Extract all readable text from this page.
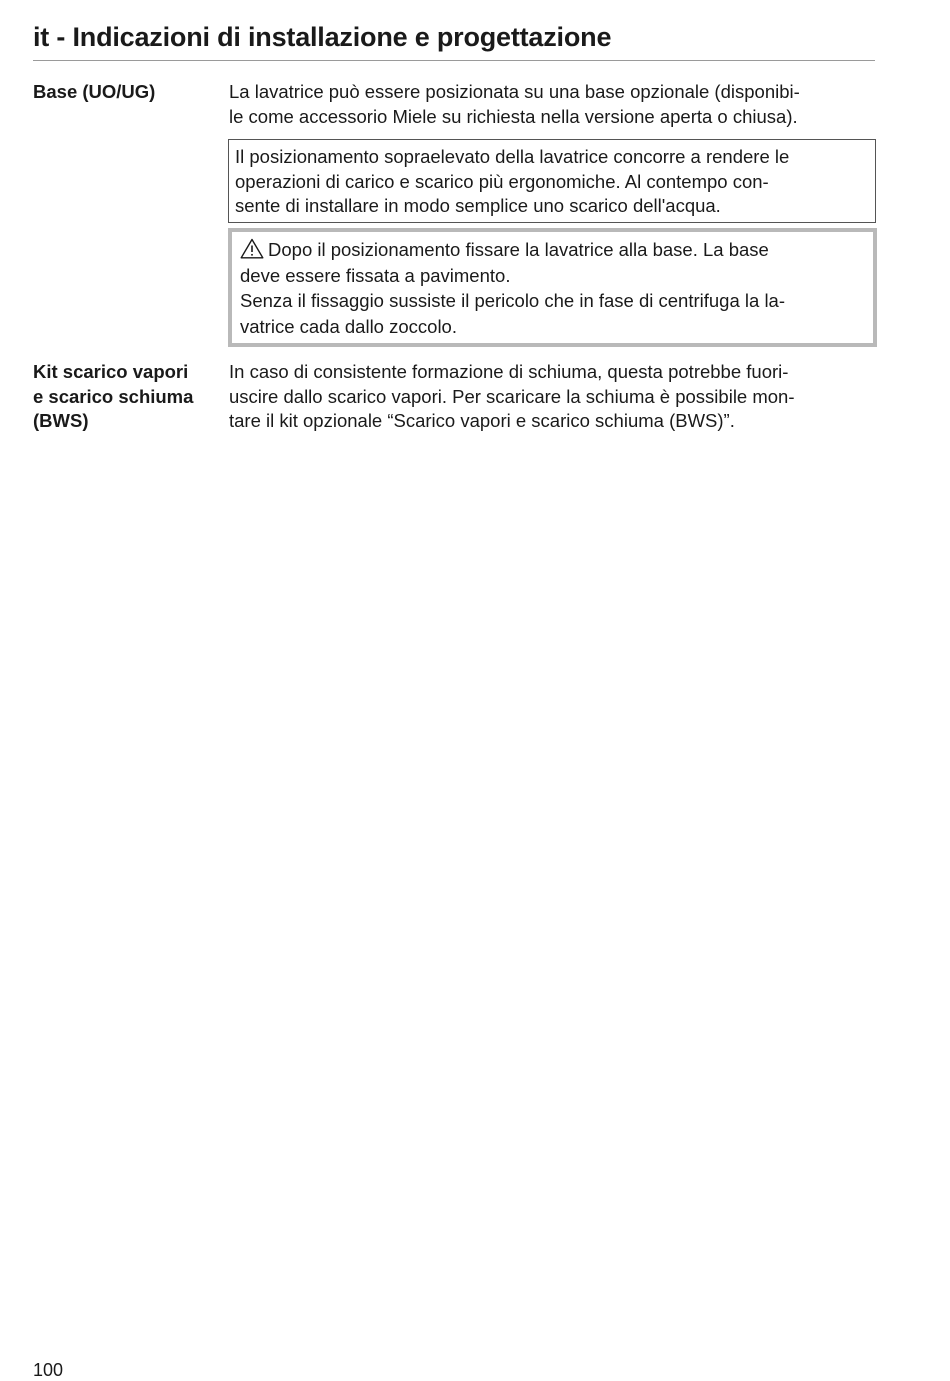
it - Indicazioni di installazione e progettazione
Base (UO/UG)	La lavatrice può essere posizionata su una base opzionale (disponibi-
le come accessorio Miele su richiesta nella versione aperta o chiusa).

Il posizionamento sopraelevato della lavatrice concorre a rendere le
operazioni di carico e scarico più ergonomiche. Al contempo con-
sente di installare in modo semplice uno scarico dell'acqua.
Dopo il posizionamento fissare la lavatrice alla base. La base
deve essere fissata a pavimento.
Senza il fissaggio sussiste il pericolo che in fase di centrifuga la la-
vatrice cada dallo zoccolo.
Kit scarico vapori
e scarico schiuma
(BWS)

In caso di consistente formazione di schiuma, questa potrebbe fuori-
uscire dallo scarico vapori. Per scaricare la schiuma è possibile mon-
tare il kit opzionale “Scarico vapori e scarico schiuma (BWS)”.

100
